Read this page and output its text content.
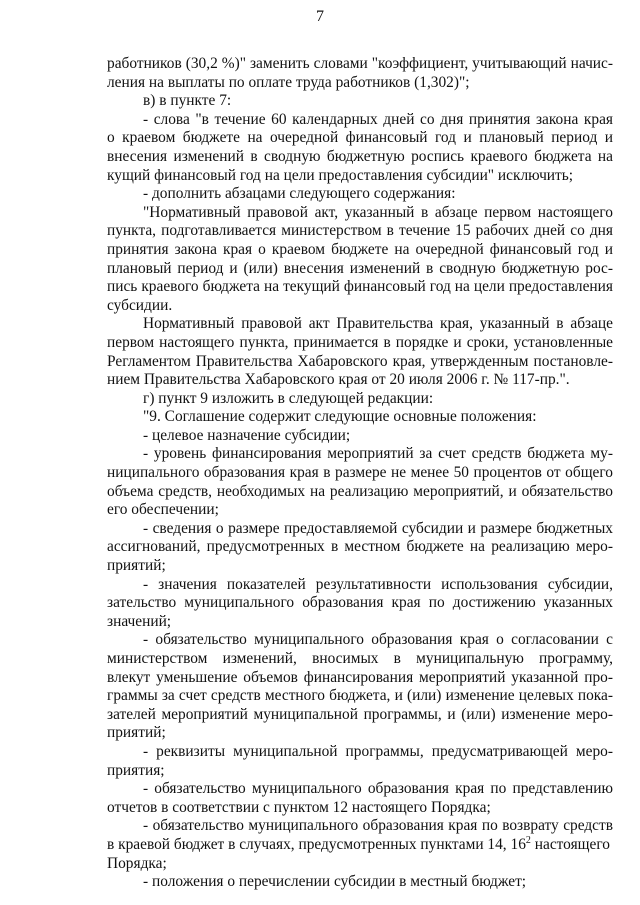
7
работников (30,2 %)" заменить словами "коэффициент, учитывающий начис-
ления на выплаты по оплате труда работников (1,302)";
в) в пункте 7:
- слова "в течение 60 календарных дней со дня принятия закона края
о краевом бюджете на очередной финансовый год и плановый период и
внесения изменений в сводную бюджетную роспись краевого бюджета на
кущий финансовый год на цели предоставления субсидии" исключить;
- дополнить абзацами следующего содержания:
"Нормативный правовой акт, указанный в абзаце первом настоящего
пункта, подготавливается министерством в течение 15 рабочих дней со дня
принятия закона края о краевом бюджете на очередной финансовый год и
плановый период и (или) внесения изменений в сводную бюджетную рос-
пись краевого бюджета на текущий финансовый год на цели предоставления
субсидии.
Нормативный правовой акт Правительства края, указанный в абзаце
первом настоящего пункта, принимается в порядке и сроки, установленные
Регламентом Правительства Хабаровского края, утвержденным постановле-
нием Правительства Хабаровского края от 20 июля 2006 г. № 117-пр.".
г) пункт 9 изложить в следующей редакции:
"9. Соглашение содержит следующие основные положения:
- целевое назначение субсидии;
- уровень финансирования мероприятий за счет средств бюджета му-
ниципального образования края в размере не менее 50 процентов от общего
объема средств, необходимых на реализацию мероприятий, и обязательство
его обеспечении;
- сведения о размере предоставляемой субсидии и размере бюджетных
ассигнований, предусмотренных в местном бюджете на реализацию меро-
приятий;
- значения показателей результативности использования субсидии,
зательство муниципального образования края по достижению указанных
значений;
- обязательство муниципального образования края о согласовании с
министерством изменений, вносимых в муниципальную программу,
влекут уменьшение объемов финансирования мероприятий указанной про-
граммы за счет средств местного бюджета, и (или) изменение целевых пока-
зателей мероприятий муниципальной программы, и (или) изменение меро-
приятий;
- реквизиты муниципальной программы, предусматривающей меро-
приятия;
- обязательство муниципального образования края по представлению
отчетов в соответствии с пунктом 12 настоящего Порядка;
- обязательство муниципального образования края по возврату средств
в краевой бюджет в случаях, предусмотренных пунктами 14, $16^2$ настоящего
Порядка;
- положения о перечислении субсидии в местный бюджет;
